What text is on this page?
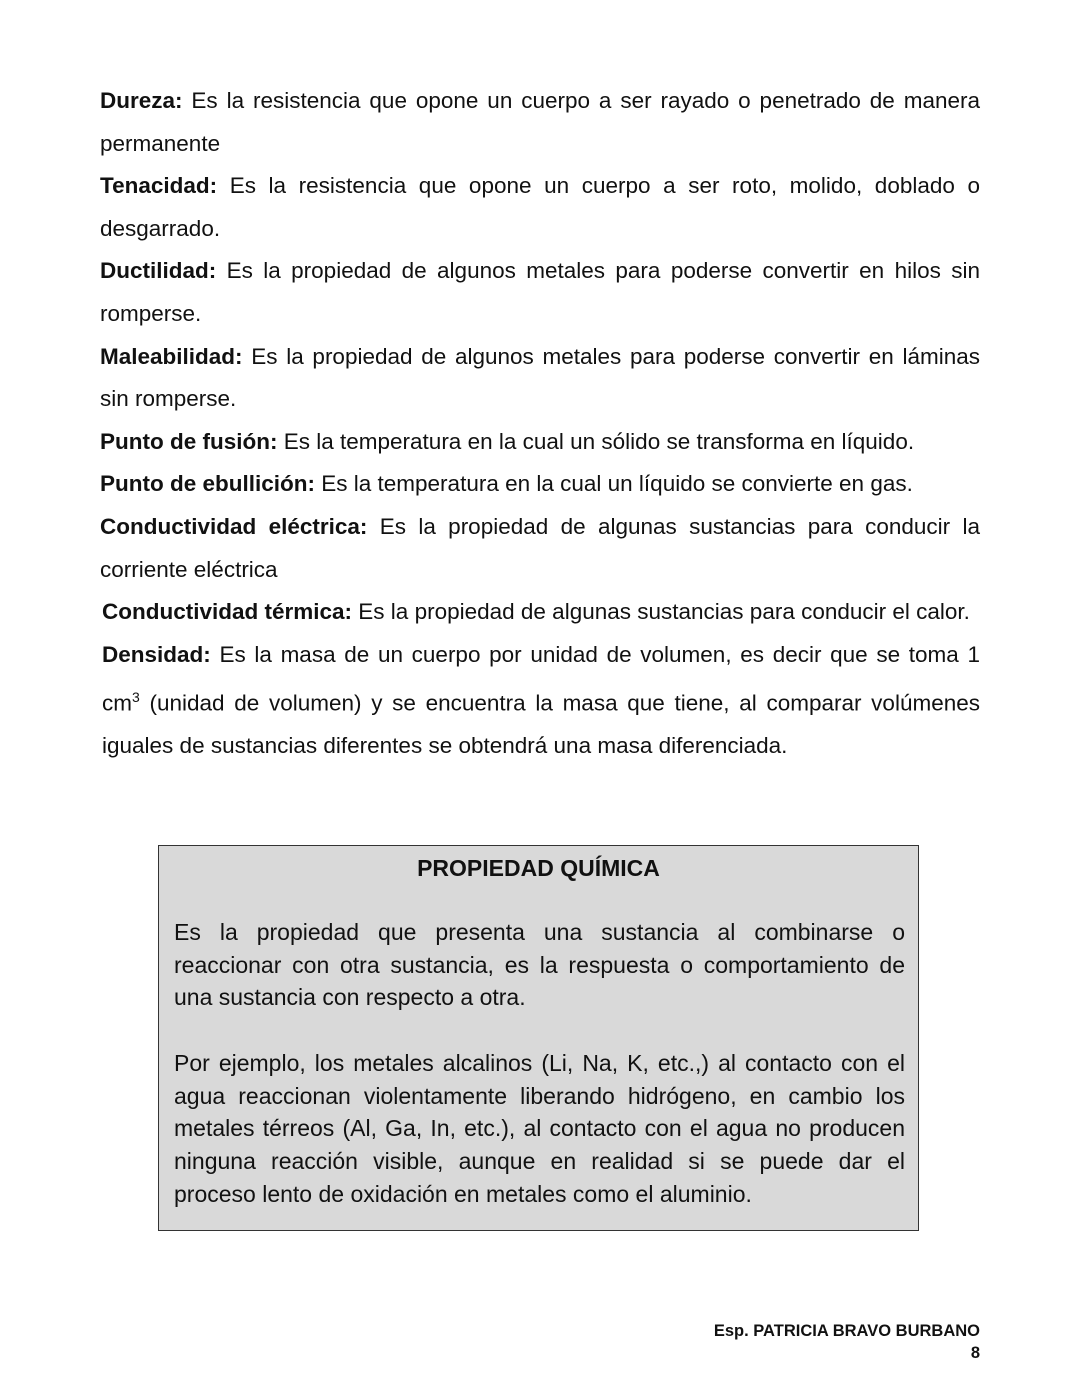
Dureza: Es la resistencia que opone un cuerpo a ser rayado o penetrado de manera permanente

Tenacidad: Es la resistencia que opone un cuerpo a ser roto, molido, doblado o desgarrado.

Ductilidad: Es la propiedad de algunos metales para poderse convertir en hilos sin romperse.

Maleabilidad: Es la propiedad de algunos metales para poderse convertir en láminas sin romperse.

Punto de fusión: Es la temperatura en la cual un sólido se transforma en líquido.

Punto de ebullición: Es la temperatura en la cual un líquido se convierte en gas.

Conductividad eléctrica: Es la propiedad de algunas sustancias para conducir la corriente eléctrica

Conductividad térmica: Es la propiedad de algunas sustancias para conducir el calor.

Densidad: Es la masa de un cuerpo por unidad de volumen, es decir que se toma 1 $cm^3$ (unidad de volumen) y se encuentra la masa que tiene, al comparar volúmenes iguales de sustancias diferentes se obtendrá una masa diferenciada.

PROPIEDAD QUÍMICA

Es la propiedad que presenta una sustancia al combinarse o reaccionar con otra sustancia, es la respuesta o comportamiento de una sustancia con respecto a otra.

Por ejemplo, los metales alcalinos (Li, Na, K, etc.,) al contacto con el agua reaccionan violentamente liberando hidrógeno, en cambio los metales térreos (Al, Ga, In, etc.), al contacto con el agua no producen ninguna reacción visible, aunque en realidad si se puede dar el proceso lento de oxidación en metales como el aluminio.

Esp. PATRICIA BRAVO BURBANO
8
